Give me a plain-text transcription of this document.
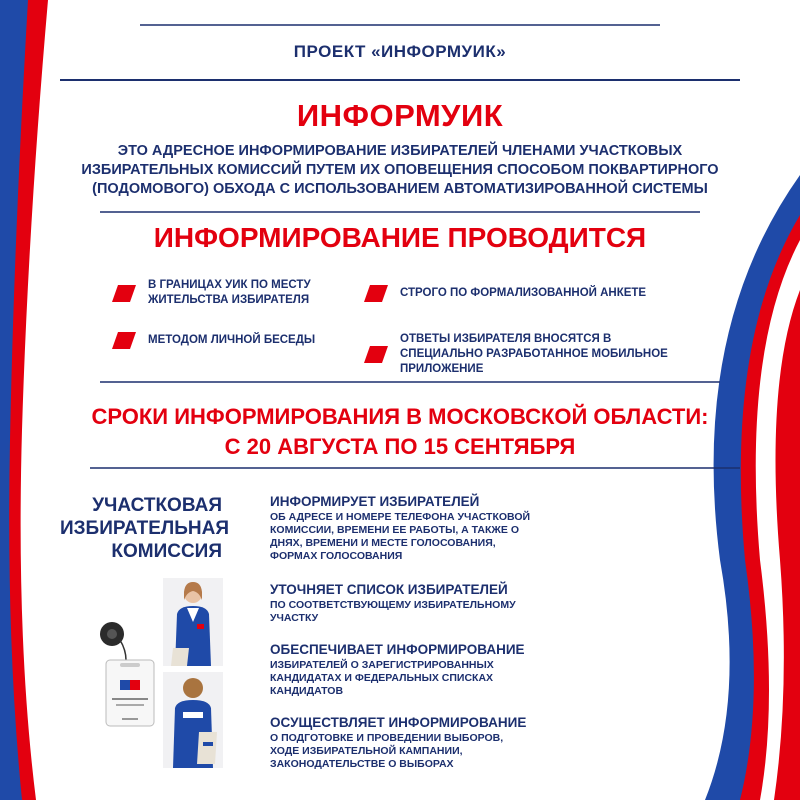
ПРОЕКТ «ИНФОРМУИК»
ИНФОРМУИК
ЭТО АДРЕСНОЕ ИНФОРМИРОВАНИЕ ИЗБИРАТЕЛЕЙ ЧЛЕНАМИ УЧАСТКОВЫХ ИЗБИРАТЕЛЬНЫХ КОМИССИЙ ПУТЕМ ИХ ОПОВЕЩЕНИЯ СПОСОБОМ ПОКВАРТИРНОГО (ПОДОМОВОГО) ОБХОДА С ИСПОЛЬЗОВАНИЕМ АВТОМАТИЗИРОВАННОЙ СИСТЕМЫ
ИНФОРМИРОВАНИЕ ПРОВОДИТСЯ
В ГРАНИЦАХ УИК ПО МЕСТУ ЖИТЕЛЬСТВА ИЗБИРАТЕЛЯ
СТРОГО ПО ФОРМАЛИЗОВАННОЙ АНКЕТЕ
МЕТОДОМ ЛИЧНОЙ БЕСЕДЫ	ОТВЕТЫ ИЗБИРАТЕЛЯ ВНОСЯТСЯ В СПЕЦИАЛЬНО РАЗРАБОТАННОЕ МОБИЛЬНОЕ ПРИЛОЖЕНИЕ
СРОКИ ИНФОРМИРОВАНИЯ В МОСКОВСКОЙ ОБЛАСТИ:
С 20 АВГУСТА ПО 15 СЕНТЯБРЯ
УЧАСТКОВАЯ ИЗБИРАТЕЛЬНАЯ КОМИССИЯ
ИНФОРМИРУЕТ ИЗБИРАТЕЛЕЙ
ОБ АДРЕСЕ И НОМЕРЕ ТЕЛЕФОНА УЧАСТКОВОЙ КОМИССИИ, ВРЕМЕНИ ЕЕ РАБОТЫ, А ТАКЖЕ О ДНЯХ, ВРЕМЕНИ И МЕСТЕ ГОЛОСОВАНИЯ, ФОРМАХ ГОЛОСОВАНИЯ
УТОЧНЯЕТ СПИСОК ИЗБИРАТЕЛЕЙ
ПО СООТВЕТСТВУЮЩЕМУ ИЗБИРАТЕЛЬНОМУ УЧАСТКУ
ОБЕСПЕЧИВАЕТ ИНФОРМИРОВАНИЕ
ИЗБИРАТЕЛЕЙ О ЗАРЕГИСТРИРОВАННЫХ КАНДИДАТАХ И ФЕДЕРАЛЬНЫХ СПИСКАХ КАНДИДАТОВ
ОСУЩЕСТВЛЯЕТ ИНФОРМИРОВАНИЕ
О ПОДГОТОВКЕ И ПРОВЕДЕНИИ ВЫБОРОВ, ХОДЕ ИЗБИРАТЕЛЬНОЙ КАМПАНИИ, ЗАКОНОДАТЕЛЬСТВЕ О ВЫБОРАХ
